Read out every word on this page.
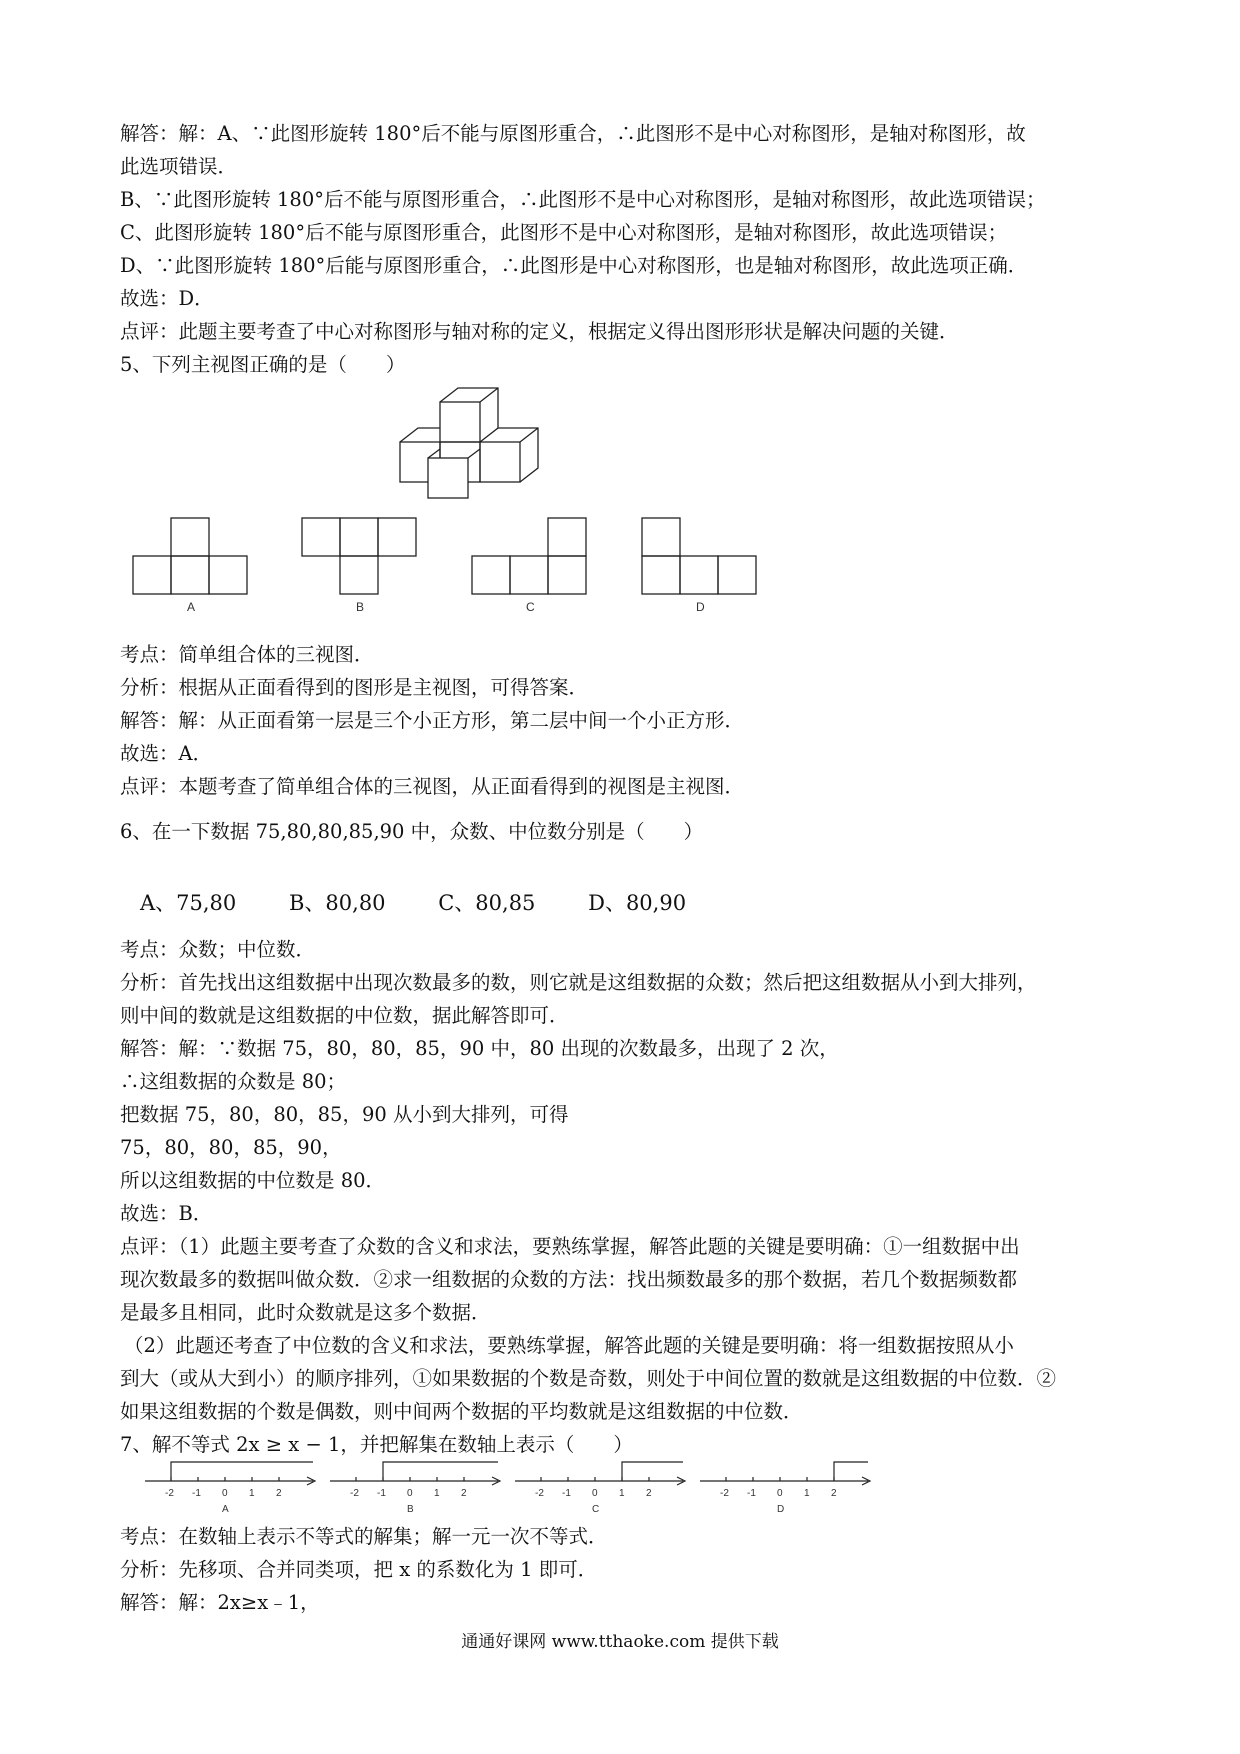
解答：解：A、∵此图形旋转 180°后不能与原图形重合，∴此图形不是中心对称图形，是轴对称图形，故
此选项错误．
B、∵此图形旋转 180°后不能与原图形重合，∴此图形不是中心对称图形，是轴对称图形，故此选项错误；
C、此图形旋转 180°后不能与原图形重合，此图形不是中心对称图形，是轴对称图形，故此选项错误；
D、∵此图形旋转 180°后能与原图形重合，∴此图形是中心对称图形，也是轴对称图形，故此选项正确．
故选：D．
点评：此题主要考查了中心对称图形与轴对称的定义，根据定义得出图形形状是解决问题的关键．
5、下列主视图正确的是（　　）
考点：简单组合体的三视图．
分析：根据从正面看得到的图形是主视图，可得答案．
解答：解：从正面看第一层是三个小正方形，第二层中间一个小正方形．
故选：A．
点评：本题考查了简单组合体的三视图，从正面看得到的视图是主视图．
6、在一下数据 75,80,80,85,90 中，众数、中位数分别是（　　）
A、75,80	B、80,80	C、80,85	D、80,90
考点：众数；中位数．
分析：首先找出这组数据中出现次数最多的数，则它就是这组数据的众数；然后把这组数据从小到大排列，
则中间的数就是这组数据的中位数，据此解答即可．
解答：解：∵数据 75，80，80，85，90 中，80 出现的次数最多，出现了 2 次，
∴这组数据的众数是 80；
把数据 75，80，80，85，90 从小到大排列，可得
75，80，80，85，90，
所以这组数据的中位数是 80．
故选：B．
点评：（1）此题主要考查了众数的含义和求法，要熟练掌握，解答此题的关键是要明确：①一组数据中出
现次数最多的数据叫做众数．②求一组数据的众数的方法：找出频数最多的那个数据，若几个数据频数都
是最多且相同，此时众数就是这多个数据．
（2）此题还考查了中位数的含义和求法，要熟练掌握，解答此题的关键是要明确：将一组数据按照从小
到大（或从大到小）的顺序排列，①如果数据的个数是奇数，则处于中间位置的数就是这组数据的中位数．②
如果这组数据的个数是偶数，则中间两个数据的平均数就是这组数据的中位数．
7、解不等式 2x ≥ x − 1，并把解集在数轴上表示（　　）
考点：在数轴上表示不等式的解集；解一元一次不等式．
分析：先移项、合并同类项，把 x 的系数化为 1 即可．
解答：解：2x≥x﹣1，
A	B	C	D
-2 -1 0 1 2
A
-2 -1 0 1 2
B
-2 -1 0 1 2
C
-2 -1 0 1 2
D
通通好课网 www.tthaoke.com 提供下载
